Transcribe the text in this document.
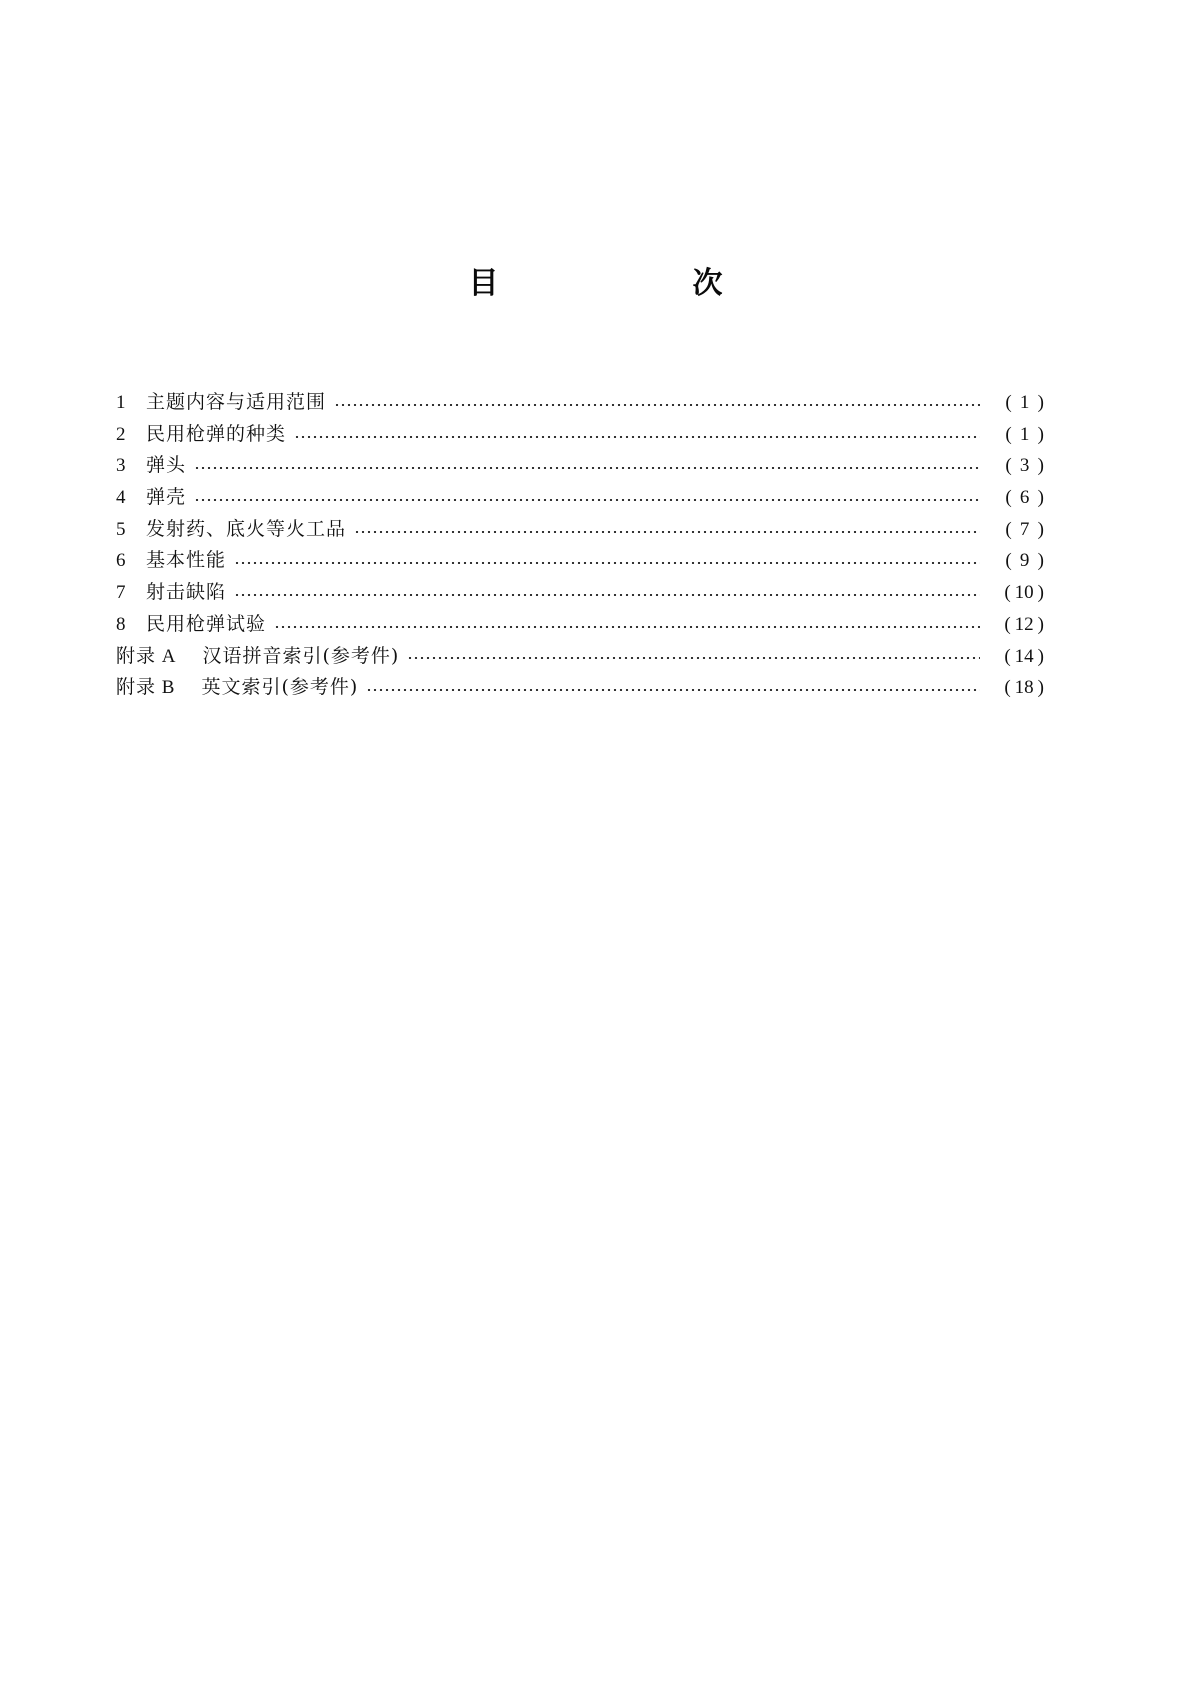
目　次
1	主题内容与适用范围	( 1 )
2	民用枪弹的种类	( 1 )
3	弹头	( 3 )
4	弹壳	( 6 )
5	发射药、底火等火工品	( 7 )
6	基本性能	( 9 )
7	射击缺陷	( 10 )
8	民用枪弹试验	( 12 )
附录 A 汉语拼音索引(参考件)	( 14 )
附录 B 英文索引(参考件)	( 18 )
